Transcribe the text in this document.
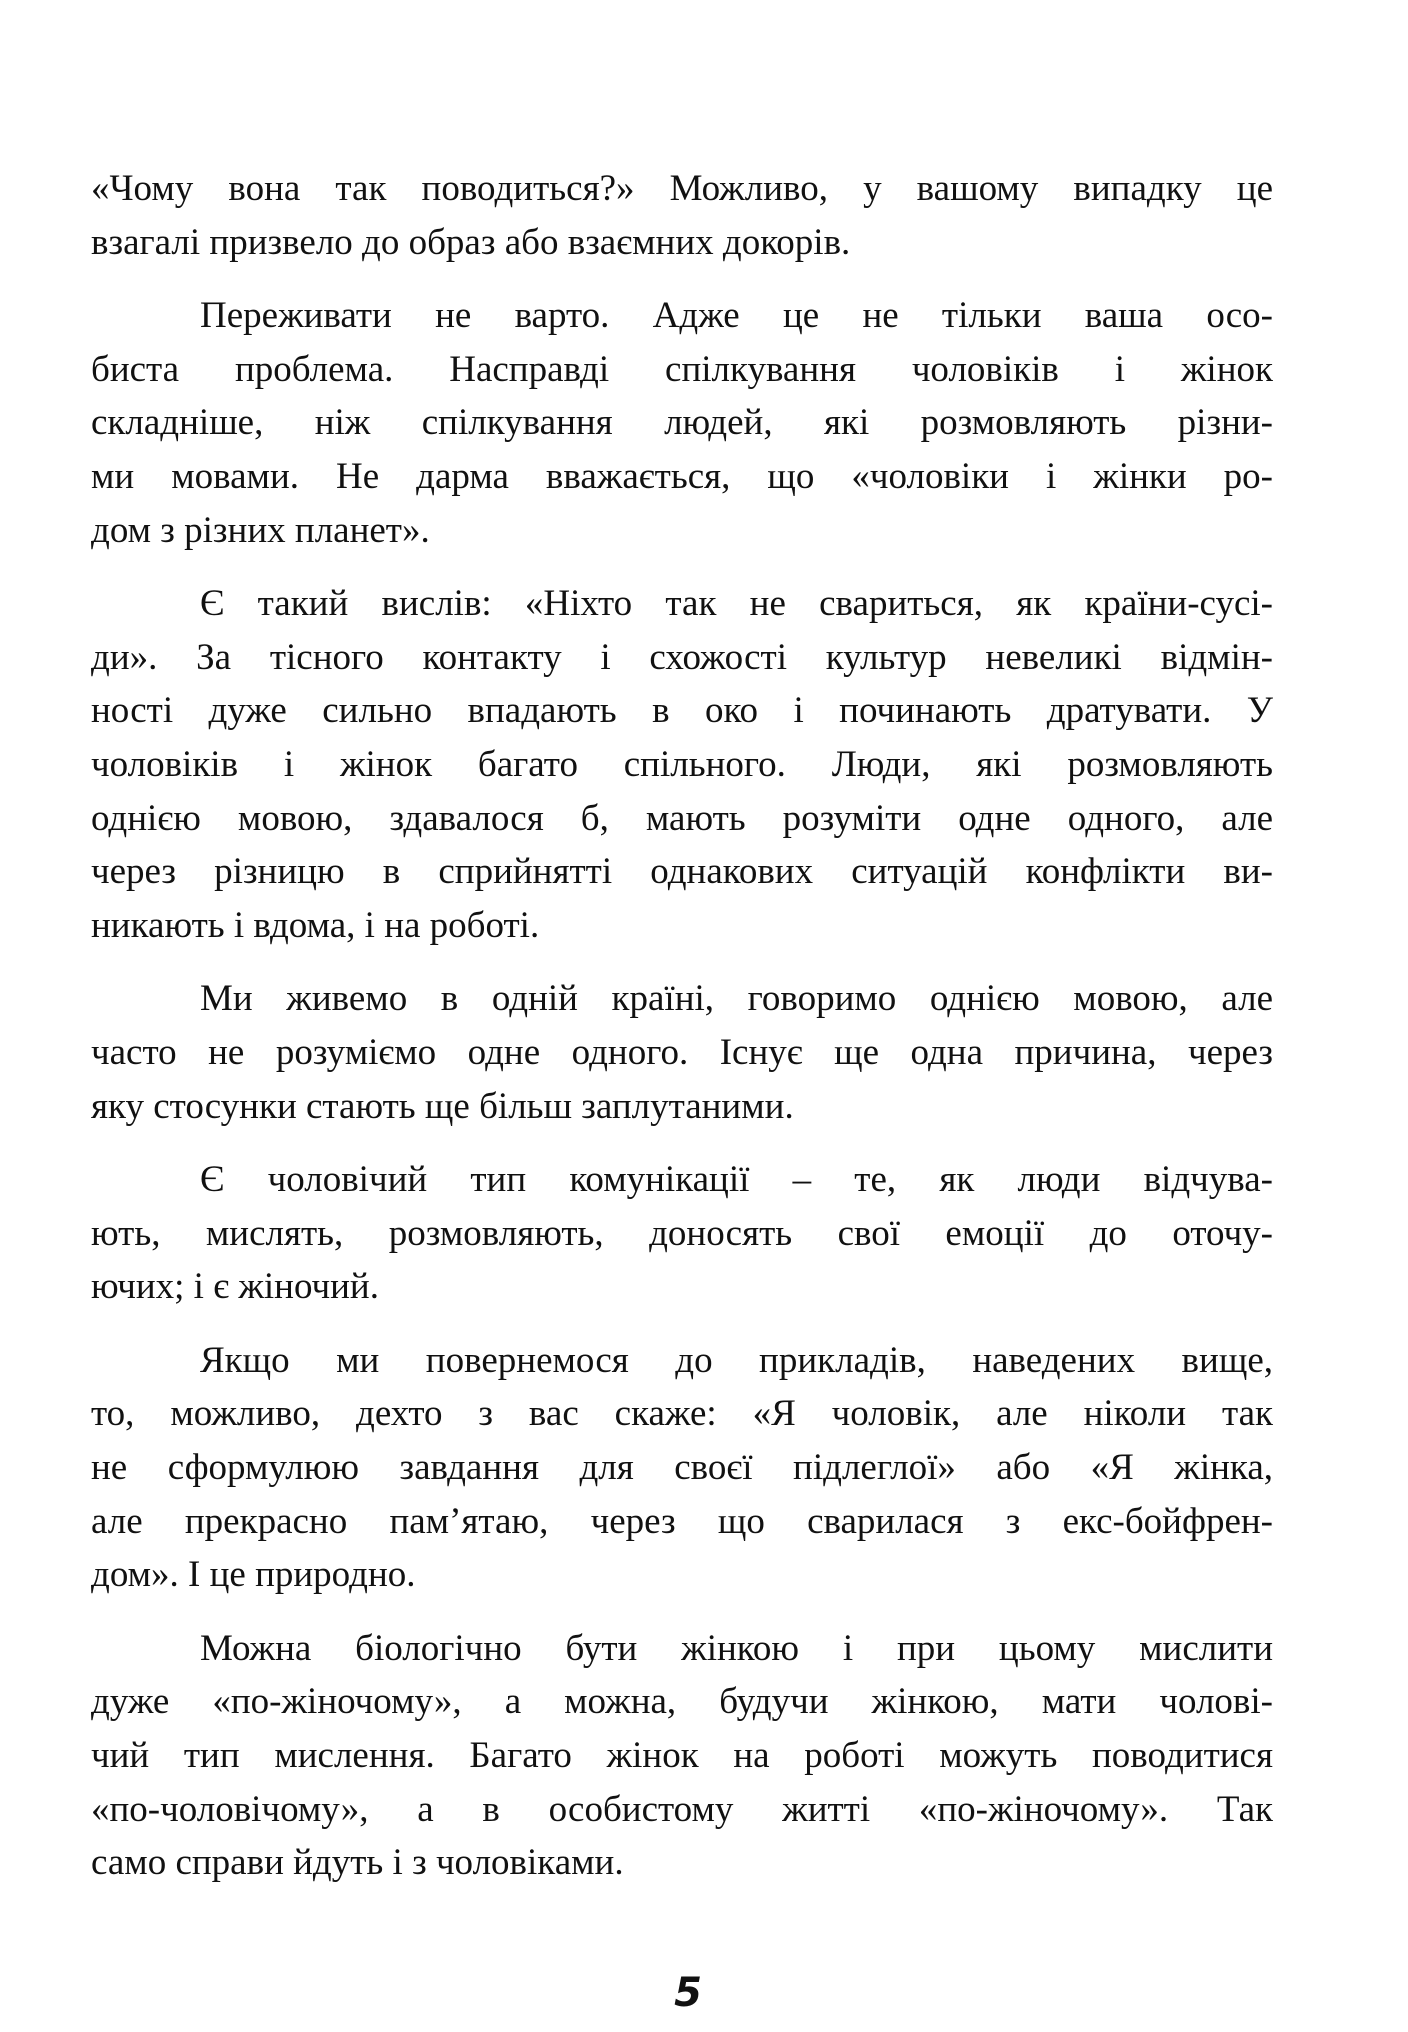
«Чому вона так поводиться?» Можливо, у вашому випадку це
взагалі призвело до образ або взаємних докорів.
Переживати не варто. Адже це не тільки ваша осо-
биста проблема. Насправді спілкування чоловіків і жінок
складніше, ніж спілкування людей, які розмовляють різни-
ми мовами. Не дарма вважається, що «чоловіки і жінки ро-
дом з різних планет».
Є такий вислів: «Ніхто так не свариться, як країни-сусі-
ди». За тісного контакту і схожості культур невеликі відмін-
ності дуже сильно впадають в око і починають дратувати. У
чоловіків і жінок багато спільного. Люди, які розмовляють
однією мовою, здавалося б, мають розуміти одне одного, але
через різницю в сприйнятті однакових ситуацій конфлікти ви-
никають і вдома, і на роботі.
Ми живемо в одній країні, говоримо однією мовою, але
часто не розуміємо одне одного. Існує ще одна причина, через
яку стосунки стають ще більш заплутаними.
Є чоловічий тип комунікації – те, як люди відчува-
ють, мислять, розмовляють, доносять свої емоції до оточу-
ючих; і є жіночий.
Якщо ми повернемося до прикладів, наведених вище,
то, можливо, дехто з вас скаже: «Я чоловік, але ніколи так
не сформулюю завдання для своєї підлеглої» або «Я жінка,
але прекрасно пам’ятаю, через що сварилася з екс-бойфрен-
дом». І це природно.
Можна біологічно бути жінкою і при цьому мислити
дуже «по-жіночому», а можна, будучи жінкою, мати чолові-
чий тип мислення. Багато жінок на роботі можуть поводитися
«по-чоловічому», а в особистому житті «по-жіночому». Так
само справи йдуть і з чоловіками.
5
